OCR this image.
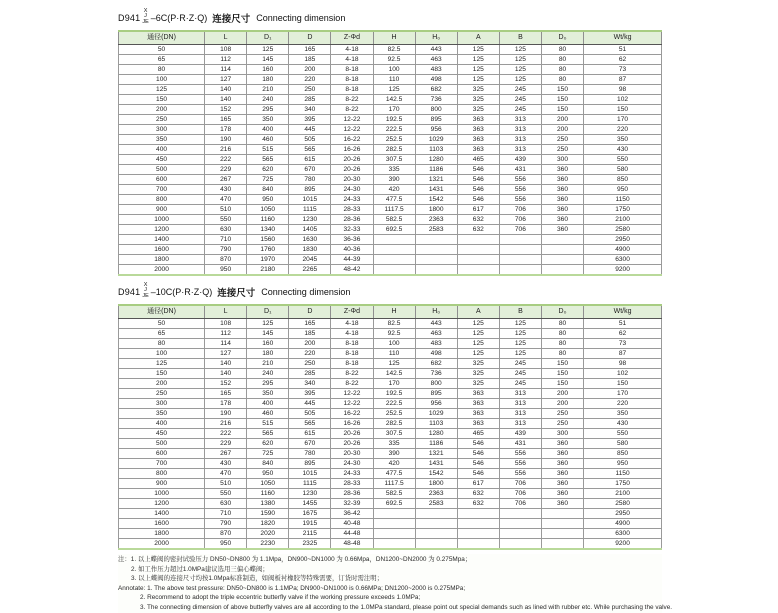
D941
X
J
JE –6C(P·R·Z·Q) 连接尺寸 Connecting dimension
通径(DN)	L	D₁	D	Z-Φd	H	H₀	A	B	D₀	Wt/kg
50	108	125	165	4-18	82.5	443	125	125	80	51
65	112	145	185	4-18	92.5	463	125	125	80	62
80	114	160	200	8-18	100	483	125	125	80	73
100	127	180	220	8-18	110	498	125	125	80	87
125	140	210	250	8-18	125	682	325	245	150	98
150	140	240	285	8-22	142.5	736	325	245	150	102
200	152	295	340	8-22	170	800	325	245	150	150
250	165	350	395	12-22	192.5	895	363	313	200	170
300	178	400	445	12-22	222.5	956	363	313	200	220
350	190	460	505	16-22	252.5	1029	363	313	250	350
400	216	515	565	16-26	282.5	1103	363	313	250	430
450	222	565	615	20-26	307.5	1280	465	439	300	550
500	229	620	670	20-26	335	1186	546	431	360	580
600	267	725	780	20-30	390	1321	546	556	360	850
700	430	840	895	24-30	420	1431	546	556	360	950
800	470	950	1015	24-33	477.5	1542	546	556	360	1150
900	510	1050	1115	28-33	1117.5	1800	617	706	360	1750
1000	550	1160	1230	28-36	582.5	2363	632	706	360	2100
1200	630	1340	1405	32-33	692.5	2583	632	706	360	2580
1400	710	1560	1630	36-36						2950
1600	790	1760	1830	40-36						4900
1800	870	1970	2045	44-39						6300
2000	950	2180	2265	48-42						9200
D941
X
J
JE –10C(P·R·Z·Q) 连接尺寸 Connecting dimension
通径(DN)	L	D₁	D	Z-Φd	H	H₀	A	B	D₀	Wt/kg
50	108	125	165	4-18	82.5	443	125	125	80	51
65	112	145	185	4-18	92.5	463	125	125	80	62
80	114	160	200	8-18	100	483	125	125	80	73
100	127	180	220	8-18	110	498	125	125	80	87
125	140	210	250	8-18	125	682	325	245	150	98
150	140	240	285	8-22	142.5	736	325	245	150	102
200	152	295	340	8-22	170	800	325	245	150	150
250	165	350	395	12-22	192.5	895	363	313	200	170
300	178	400	445	12-22	222.5	956	363	313	200	220
350	190	460	505	16-22	252.5	1029	363	313	250	350
400	216	515	565	16-26	282.5	1103	363	313	250	430
450	222	565	615	20-26	307.5	1280	465	439	300	550
500	229	620	670	20-26	335	1186	546	431	360	580
600	267	725	780	20-30	390	1321	546	556	360	850
700	430	840	895	24-30	420	1431	546	556	360	950
800	470	950	1015	24-33	477.5	1542	546	556	360	1150
900	510	1050	1115	28-33	1117.5	1800	617	706	360	1750
1000	550	1160	1230	28-36	582.5	2363	632	706	360	2100
1200	630	1380	1455	32-39	692.5	2583	632	706	360	2580
1400	710	1590	1675	36-42						2950
1600	790	1820	1915	40-48						4900
1800	870	2020	2115	44-48						6300
2000	950	2230	2325	48-48						9200
注：1. 以上蝶阀的密封试验压力 DN50~DN800 为 1.1Mpa，DN900~DN1000 为 0.66Mpa，DN1200~DN2000 为 0.275Mpa；
2. 如工作压力超过1.0MPa建议选用三偏心蝶阀；
3. 以上蝶阀的连接尺寸均按1.0Mpa标准制造，如阀板衬橡胶等特殊需要，订货时需注明；
Annotate: 1. The above test pressure: DN50~DN800 is 1.1MPa; DN900~DN1000 is 0.66MPa; DN1200~2000 is 0.275MPa;
2. Recommend to adopt the triple eccentric butterfly valve if the working pressure exceeds 1.0MPa;
3. The connecting dimension of above butterfly valves are all according to the 1.0MPa standard, please point out special demands such as lined with rubber etc. While purchasing the valve.
